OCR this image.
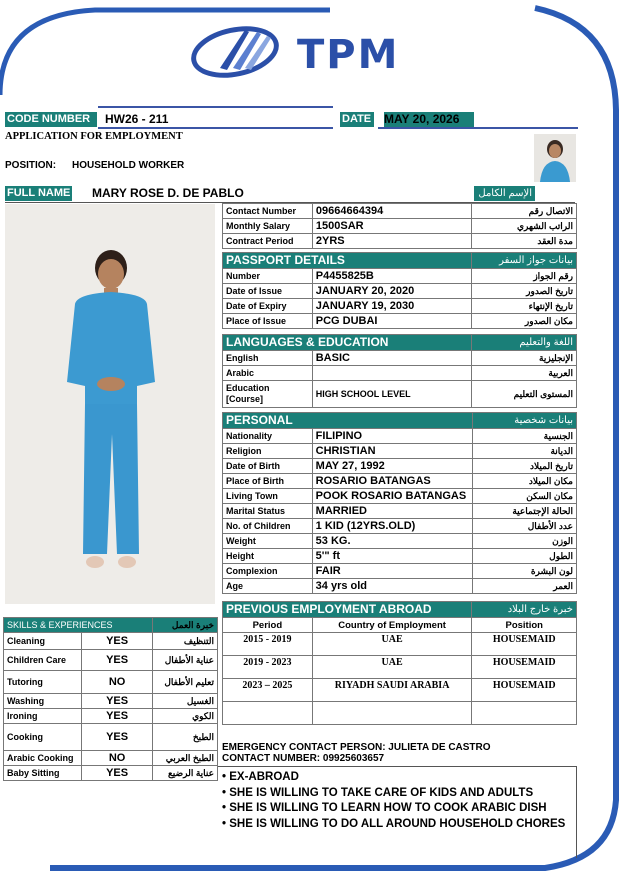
TPM
CODE NUMBER	HW26 - 211	DATE MAY 20, 2026
APPLICATION FOR EMPLOYMENT
POSITION: HOUSEHOLD WORKER
FULL NAME MARY ROSE D. DE PABLO	الإسم الكامل
Contact Number	09664664394	الاتصال رقم
Monthly Salary	1500SAR	الراتب الشهري
Contract Period	2YRS	مدة العقد
PASSPORT DETAILS		بيانات جواز السفر
Number	P4455825B	رقم الجواز
Date of Issue	JANUARY 20, 2020	تاريخ الصدور
Date of Expiry	JANUARY 19, 2030	تاريخ الإنتهاء
Place of Issue	PCG DUBAI	مكان الصدور
LANGUAGES & EDUCATION		اللغة والتعليم
English	BASIC	الإنجليزية
Arabic		العربية
Education [Course]	HIGH SCHOOL LEVEL	المستوى التعليم
PERSONAL		بيانات شخصية
Nationality	FILIPINO	الجنسية
Religion	CHRISTIAN	الديانة
Date of Birth	MAY 27, 1992	تاريخ الميلاد
Place of Birth	ROSARIO BATANGAS	مكان الميلاد
Living Town	POOK ROSARIO BATANGAS	مكان السكن
Marital Status	MARRIED	الحالة الإجتماعية
No. of Children	1 KID (12YRS.OLD)	عدد الأطفال
Weight	53 KG.	الوزن
Height	5'" ft	الطول
Complexion	FAIR	لون البشرة
Age	34 yrs old	العمر
PREVIOUS EMPLOYMENT ABROAD		خبرة خارج البلاد
Period	Country of Employment	Position
2015 - 2019	UAE	HOUSEMAID
2019 - 2023	UAE	HOUSEMAID
2023 – 2025	RIYADH SAUDI ARABIA	HOUSEMAID

SKILLS & EXPERIENCES		خبرة العمل
Cleaning	YES	التنظيف
Children Care	YES	عناية الأطفال
Tutoring	NO	تعليم الأطفال
Washing	YES	الغسيل
Ironing	YES	الكوي
Cooking	YES	الطبخ
Arabic Cooking	NO	الطبخ العربي
Baby Sitting	YES	عناية الرضيع
EMERGENCY CONTACT PERSON: JULIETA DE CASTRO
CONTACT NUMBER: 09925603657
• EX-ABROAD
• SHE IS WILLING TO TAKE CARE OF KIDS AND ADULTS
• SHE IS WILLING TO LEARN HOW TO COOK ARABIC DISH
• SHE IS WILLING TO DO ALL AROUND HOUSEHOLD CHORES
